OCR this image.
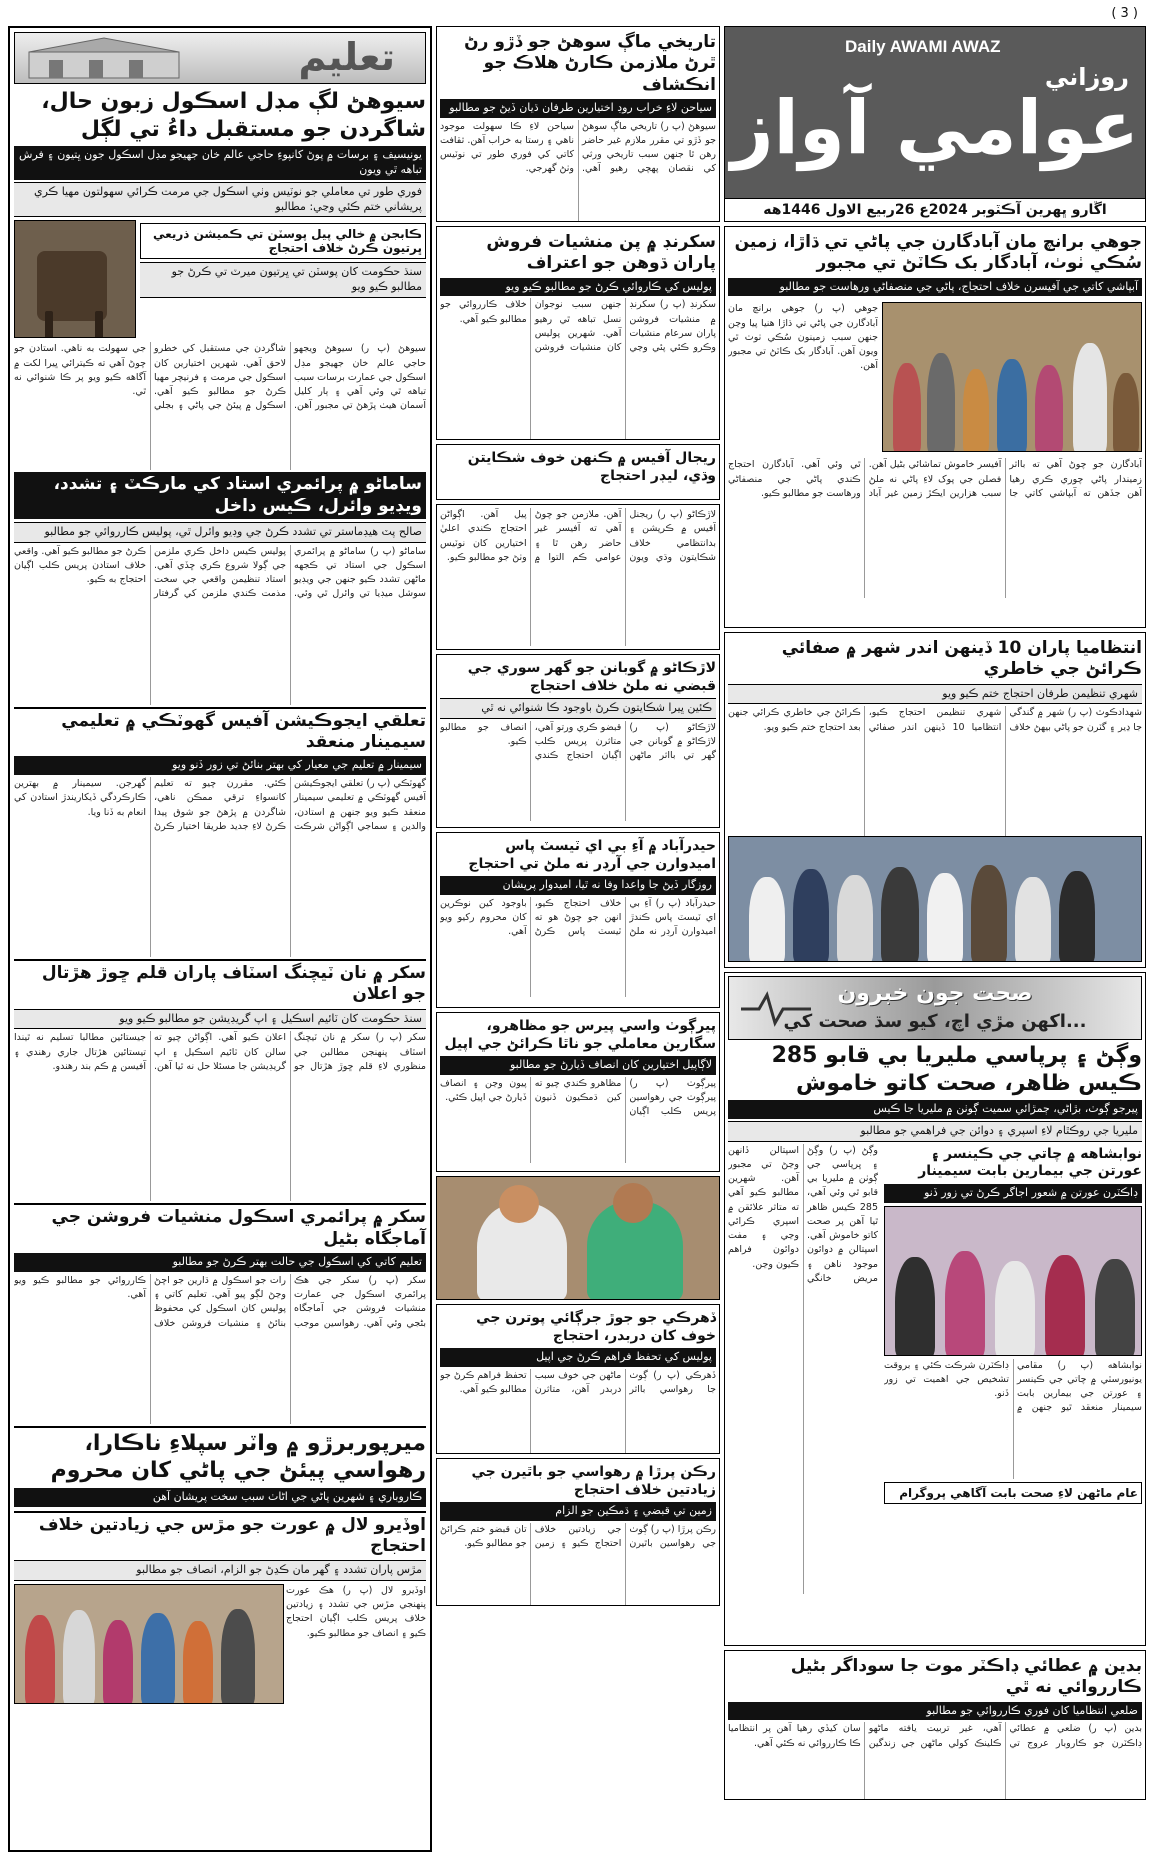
( 3 )
تعليم
سيوھڻ لڳ مڊل اسڪول زبون حال، شاگردن جو مستقبل داءُ تي لڳل
يونيسيف ۽ برسات ۾ پوڻ کانپوءِ حاجي عالم خان جهيجو مڊل اسڪول جون ڀتيون ۽ فرش تباهه ٿي ويون
فوري طور تي معاملي جو نوٽيس وٺي اسڪول جي مرمت ڪرائي سهولتون مهيا ڪري پريشاني ختم ڪئي وڃي: مطالبو
ڪابجن ۾ خالي پيل پوسٽن تي ڪميشن ذريعي ڀرتيون ڪرڻ خلاف احتجاج
سنڌ حڪومت کان پوسٽن تي ڀرتيون ميرٽ تي ڪرڻ جو مطالبو ڪيو ويو
سيوھڻ (پ ر) سيوھڻ ويجهو حاجي عالم خان جهيجو مڊل اسڪول جي عمارت برسات سبب تباهه ٿي وئي آهي ۽ ٻار کليل آسمان هيٺ پڙهڻ تي مجبور آهن. شاگردن جي مستقبل کي خطرو لاحق آهي. شهرين اختيارين کان اسڪول جي مرمت ۽ فرنيچر مهيا ڪرڻ جو مطالبو ڪيو آهي. اسڪول ۾ پيئڻ جي پاڻي ۽ بجلي جي سهولت به ناهي. استادن جو چوڻ آهي ته ڪيترائي ڀيرا لکت ۾ آگاهه ڪيو ويو پر ڪا شنوائي نه ٿي.
ساماڻو ۾ پرائمري استاد کي مارڪٽ ۽ تشدد، ويڊيو وائرل، ڪيس داخل
صالح پٽ هيڊماستر تي تشدد ڪرڻ جي وڊيو وائرل ٿي، پوليس ڪارروائي جو مطالبو
ساماڻو (پ ر) ساماڻو ۾ پرائمري اسڪول جي استاد تي ڪجهه ماڻهن تشدد ڪيو جنهن جي ويڊيو سوشل ميڊيا تي وائرل ٿي وئي. پوليس ڪيس داخل ڪري ملزمن جي ڳولا شروع ڪري ڇڏي آهي. استاد تنظيمن واقعي جي سخت مذمت ڪندي ملزمن کي گرفتار ڪرڻ جو مطالبو ڪيو آهي. واقعي خلاف استادن پريس ڪلب اڳيان احتجاج به ڪيو.
تعلقي ايجوڪيشن آفيس گهوٽڪي ۾ تعليمي سيمينار منعقد
سيمينار ۾ تعليم جي معيار کي بهتر بنائڻ تي زور ڏنو ويو
گهوٽڪي (پ ر) تعلقي ايجوڪيشن آفيس گهوٽڪي ۾ تعليمي سيمينار منعقد ڪيو ويو جنهن ۾ استادن، والدين ۽ سماجي اڳواڻن شرڪت ڪئي. مقررن چيو ته تعليم کانسواءِ ترقي ممڪن ناهي، شاگردن ۾ پڙهڻ جو شوق پيدا ڪرڻ لاءِ جديد طريقا اختيار ڪرڻ گهرجن. سيمينار ۾ بهترين ڪارڪردگي ڏيکاريندڙ استادن کي انعام به ڏنا ويا.
سکر ۾ نان ٽيچنگ اسٽاف پاران قلم ڇوڙ هڙتال جو اعلان
سنڌ حڪومت کان ٽائيم اسڪيل ۽ اپ گريڊيشن جو مطالبو ڪيو ويو
سکر (پ ر) سکر ۾ نان ٽيچنگ اسٽاف پنهنجن مطالبن جي منظوري لاءِ قلم ڇوڙ هڙتال جو اعلان ڪيو آهي. اڳواڻن چيو ته سالن کان ٽائيم اسڪيل ۽ اپ گريڊيشن جا مسئلا حل نه ٿيا آهن. جيستائين مطالبا تسليم نه ٿيندا تيستائين هڙتال جاري رهندي ۽ آفيسن ۾ ڪم بند رهندو.
سکر ۾ پرائمري اسڪول منشيات فروشن جي آماجگاه بڻيل
تعليم کاتي کي اسڪول جي حالت بهتر ڪرڻ جو مطالبو
سکر (پ ر) سکر جي هڪ پرائمري اسڪول جي عمارت منشيات فروشن جي آماجگاه بڻجي وئي آهي. رهواسين موجب رات جو اسڪول ۾ ڌارين جو اچڻ وڃڻ لڳو پيو آهي. تعليم کاتي ۽ پوليس کان اسڪول کي محفوظ بنائڻ ۽ منشيات فروشن خلاف ڪارروائي جو مطالبو ڪيو ويو آهي.
ميرپوربرڙو ۾ واٽر سپلاءِ ناڪارا، رهواسي پيئڻ جي پاڻي کان محروم
ڪاروباري ۽ شهرين پاڻي جي اڻاٺ سبب سخت پريشان آهن
اوڏيرو لال ۾ عورت جو مڙس جي زيادتين خلاف احتجاج
مڙس پاران تشدد ۽ گھر مان ڪڍڻ جو الزام، انصاف جو مطالبو
اوڏيرو لال (پ ر) هڪ عورت پنهنجي مڙس جي تشدد ۽ زيادتين خلاف پريس ڪلب اڳيان احتجاج ڪيو ۽ انصاف جو مطالبو ڪيو.
تاريخي ماڳ سوهڻ جو ڏڙو رڻ ٿرڻ ملازمن ڪارڻ هلاڪ جو انڪشاف
سياحن لاءِ خراب روڊ اختيارين طرفان ڌيان ڏيڻ جو مطالبو
سيوھڻ (پ ر) تاريخي ماڳ سوهڻ جو ڏڙو تي مقرر ملازم غير حاضر رهن ٿا جنهن سبب تاريخي ورثي کي نقصان پهچي رهيو آهي. سياحن لاءِ ڪا سهولت موجود ناهي ۽ رستا به خراب آهن. ثقافت کاتي کي فوري طور تي نوٽيس وٺڻ گهرجي.
سکرنڊ ۾ پن منشيات فروش پاران ڌوهن جو اعتراف
پوليس کي ڪاروائي ڪرڻ جو مطالبو ڪيو ويو
سکرنڊ (پ ر) سکرنڊ ۾ منشيات فروشن پاران سرعام منشيات وڪرو ڪئي پئي وڃي جنهن سبب نوجوان نسل تباهه ٿي رهيو آهي. شهرين پوليس کان منشيات فروشن خلاف ڪارروائي جو مطالبو ڪيو آهي.
ريجال آفيس ۾ ڪنهن خوف شڪايتن وڌي، ليڊر احتجاج
لاڙڪاڻو (پ ر) ريجنل آفيس ۾ ڪرپشن ۽ بدانتظامي خلاف شڪايتون وڌي ويون آهن. ملازمن جو چوڻ آهي ته آفيسر غير حاضر رهن ٿا ۽ عوامي ڪم التوا ۾ پيل آهن. اڳواڻن احتجاج ڪندي اعليٰ اختيارين کان نوٽيس وٺڻ جو مطالبو ڪيو.
لاڙڪاڻو ۾ گوبانن جو گهر سوري جي قبضي نه ملڻ خلاف احتجاج
ڪئين ڀيرا شڪايتون ڪرڻ باوجود ڪا شنوائي نه ٿي
لاڙڪاڻو (پ ر) لاڙڪاڻو ۾ گوبانن جي گهر تي بااثر ماڻهن قبضو ڪري ورتو آهي، متاثرن پريس ڪلب اڳيان احتجاج ڪندي انصاف جو مطالبو ڪيو.
حيدرآباد ۾ آءِ بي اي ٽيسٽ پاس اميدوارن جي آرڊر نه ملڻ تي احتجاج
روزگار ڏيڻ جا واعدا وفا نه ٿيا، اميدوار پريشان
حيدرآباد (پ ر) آءِ بي اي ٽيسٽ پاس ڪندڙ اميدوارن آرڊر نه ملڻ خلاف احتجاج ڪيو، انهن جو چوڻ هو ته ٽيسٽ پاس ڪرڻ باوجود کين نوڪرين کان محروم رکيو ويو آهي.
پيرڳوٺ واسي پيرس جو مظاهرو، سگارين معاملي جو ناٿا ڪرائڻ جي اپيل
لاڳاپيل اختيارين کان انصاف ڏيارڻ جو مطالبو
پيرڳوٺ (پ ر) پيرڳوٺ جي رهواسين پريس ڪلب اڳيان مظاهرو ڪندي چيو ته کين ڌمڪيون ڏنيون پيون وڃن ۽ انصاف ڏيارڻ جي اپيل ڪئي.
ڏهرڪي جو جوڙ جرڳائي پوترن جي خوف کان دربدر، احتجاج
پوليس کي تحفظ فراهم ڪرڻ جي اپيل
ڏهرڪي (پ ر) ڳوٺ جا رهواسي بااثر ماڻهن جي خوف سبب دربدر آهن، متاثرن تحفظ فراهم ڪرڻ جو مطالبو ڪيو آهي.
رڪن پرڙا ۾ رهواسي جو باٿيرن جي زيادتين خلاف احتجاج
زمين تي قبضي ۽ ڌمڪين جو الزام
رڪن پرڙا (پ ر) ڳوٺ جي رهواسين باٿيرن جي زيادتين خلاف احتجاج ڪيو ۽ زمين تان قبضو ختم ڪرائڻ جو مطالبو ڪيو.
Daily AWAMI AWAZ
روزاني
عوامي آواز
اڱارو ڀهرين آڪٽوبر 2024ع 26ربيع الاول 1446هه
جوهي برانچ مان آبادگارن جي پاڻي تي ڌاڙا، زمين سُڪي ٺوٺ، آبادگار بک ڪاٽڻ تي مجبور
آبپاشي کاتي جي آفيسرن خلاف احتجاج، پاڻي جي منصفاڻي ورهاست جو مطالبو
جوهي (پ ر) جوهي برانچ مان آبادگارن جي پاڻي تي ڌاڙا هنيا پيا وڃن جنهن سبب زمينون سُڪي ٺوٺ ٿي ويون آهن. آبادگار بک ڪاٽڻ تي مجبور آهن.
آبادگارن جو چوڻ آهي ته بااثر زميندار پاڻي چوري ڪري رهيا آهن جڏهن ته آبپاشي کاتي جا آفيسر خاموش تماشائي بڻيل آهن. فصلن جي پوک لاءِ پاڻي نه ملڻ سبب هزارين ايڪڙ زمين غير آباد ٿي وئي آهي. آبادگارن احتجاج ڪندي پاڻي جي منصفاڻي ورهاست جو مطالبو ڪيو.
انتظاميا پاران 10 ڏينهن اندر شهر ۾ صفائي ڪرائڻ جي خاطري
شهري تنظيمن طرفان احتجاج ختم ڪيو ويو
شهدادڪوٽ (پ ر) شهر ۾ گندگي جا ڍير ۽ گٽرن جو پاڻي بيهڻ خلاف شهري تنظيمن احتجاج ڪيو، انتظاميا 10 ڏينهن اندر صفائي ڪرائڻ جي خاطري ڪرائي جنهن بعد احتجاج ختم ڪيو ويو.
صحت جون خبرون
اکھن مڙي اچ، کيو سڌ صحت کي...
وڳڻ ۽ پرپاسي مليريا بي قابو 285 ڪيس ظاهر، صحت کاتو خاموش
پيرجو ڳوٺ، بڙاڻي، ڄمڙائي سميت ڳوٺن ۾ مليريا جا ڪيس
مليريا جي روڪٿام لاءِ اسپري ۽ دوائن جي فراهمي جو مطالبو
وڳڻ (پ ر) وڳڻ ۽ ڀرپاسي جي ڳوٺن ۾ مليريا بي قابو ٿي وئي آهي، 285 ڪيس ظاهر ٿيا آهن پر صحت کاتو خاموش آهي. اسپتالن ۾ دوائون موجود ناهن ۽ مريض خانگي اسپتالن ڏانهن وڃڻ تي مجبور آهن. شهرين مطالبو ڪيو آهي ته متاثر علائقن ۾ اسپري ڪرائي وڃي ۽ مفت دوائون فراهم ڪيون وڃن.
نوابشاهه ۾ چاتي جي ڪينسر ۽ عورتن جي بيمارين بابت سيمينار
ڊاڪٽرن عورتن ۾ شعور اجاگر ڪرڻ تي زور ڏنو
نوابشاهه (پ ر) مقامي يونيورسٽي ۾ چاتي جي ڪينسر ۽ عورتن جي بيمارين بابت سيمينار منعقد ٿيو جنهن ۾ ڊاڪٽرن شرڪت ڪئي ۽ بروقت تشخيص جي اهميت تي زور ڏنو.
عام ماڻهن لاءِ صحت بابت آگاهي پروگرام
بدين ۾ عطائي ڊاڪٽر موت جا سوداگر بڻيل ڪارروائي نه ٿي
ضلعي انتظاميا کان فوري ڪارروائي جو مطالبو
بدين (پ ر) ضلعي ۾ عطائي ڊاڪٽرن جو ڪاروبار عروج تي آهي، غير تربيت يافته ماڻهو ڪلينڪ کولي ماڻهن جي زندگين سان کيڏي رهيا آهن پر انتظاميا ڪا ڪارروائي نه ڪئي آهي.
